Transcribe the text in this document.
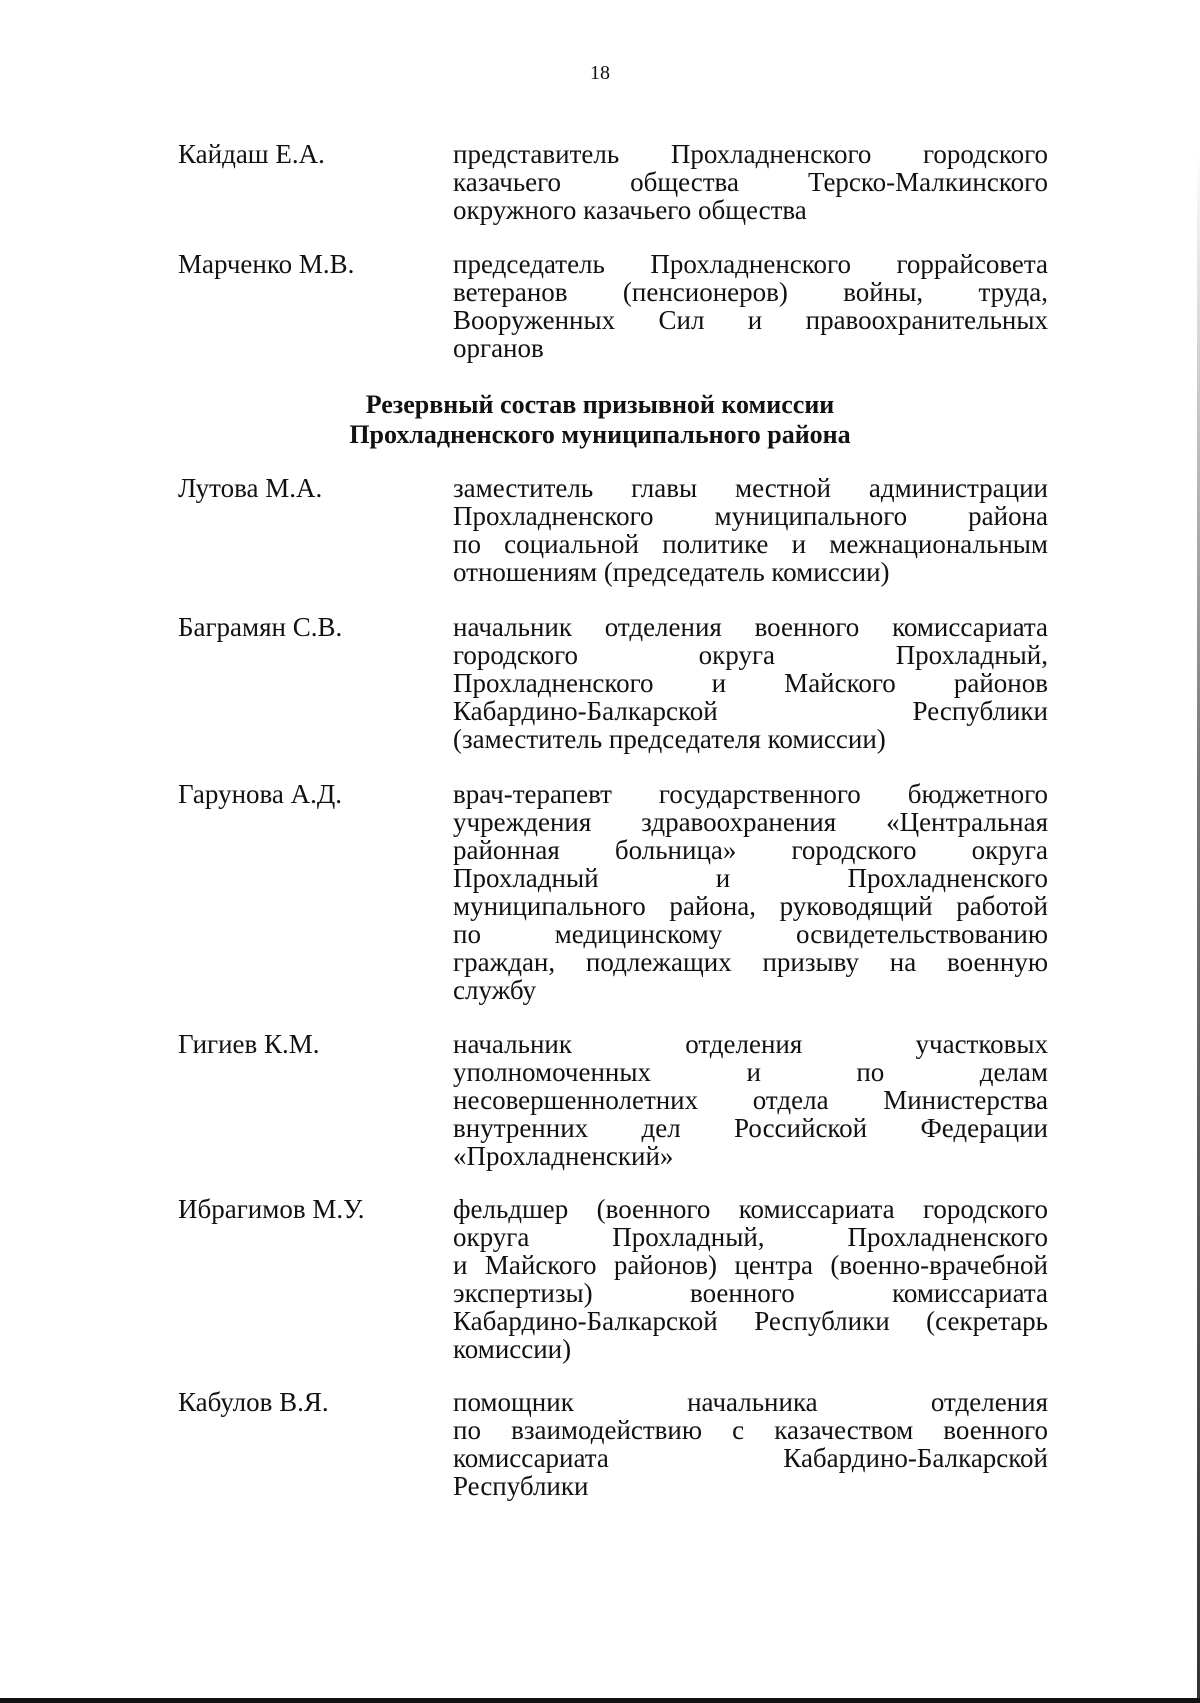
18
Кайдаш Е.А.	представитель Прохладненского городского
казачьего общества Терско-Малкинского
окружного казачьего общества
Марченко М.В.	председатель Прохладненского горрайсовета
ветеранов (пенсионеров) войны, труда,
Вооруженных Сил и правоохранительных
органов
Резервный состав призывной комиссии
Прохладненского муниципального района
Лутова М.А.	заместитель главы местной администрации
Прохладненского муниципального района
по социальной политике и межнациональным
отношениям (председатель комиссии)
Баграмян С.В.	начальник отделения военного комиссариата
городского округа Прохладный,
Прохладненского и Майского районов
Кабардино-Балкарской Республики
(заместитель председателя комиссии)
Гарунова А.Д.	врач-терапевт государственного бюджетного
учреждения здравоохранения «Центральная
районная больница» городского округа
Прохладный и Прохладненского
муниципального района, руководящий работой
по медицинскому освидетельствованию
граждан, подлежащих призыву на военную
службу
Гигиев К.М.	начальник отделения участковых
уполномоченных и по делам
несовершеннолетних отдела Министерства
внутренних дел Российской Федерации
«Прохладненский»
Ибрагимов М.У.	фельдшер (военного комиссариата городского
округа Прохладный, Прохладненского
и Майского районов) центра (военно-врачебной
экспертизы) военного комиссариата
Кабардино-Балкарской Республики (секретарь
комиссии)
Кабулов В.Я.	помощник начальника отделения
по взаимодействию с казачеством военного
комиссариата Кабардино-Балкарской
Республики
